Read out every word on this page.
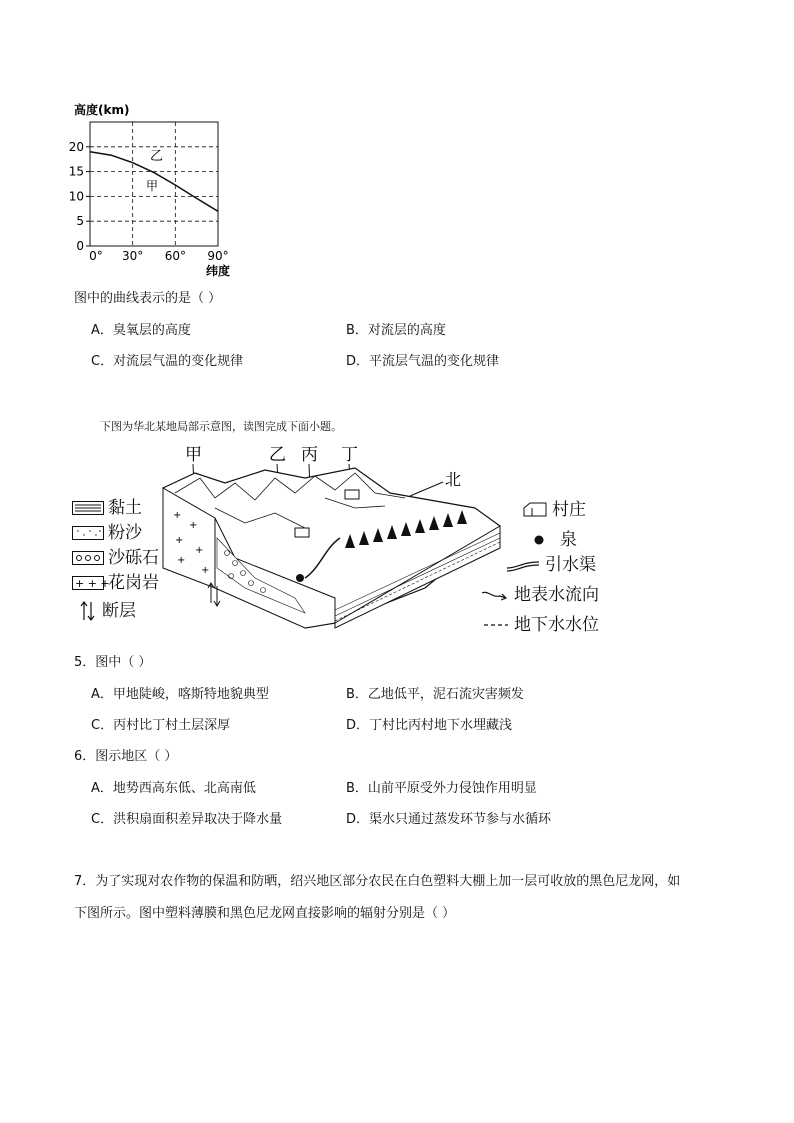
0
5
10
15
20
0° 30° 60° 90°
乙
甲
高度(km)
纬度
图中的曲线表示的是（ ）
A．臭氧层的高度	B．对流层的高度
C．对流层气温的变化规律	D．平流层气温的变化规律
下图为华北某地局部示意图，读图完成下面小题。
甲	乙 丙 丁
北
+
+
+
+
+
+
黏土
粉沙
沙砾石
+ + +
花岗岩
断层
村庄
泉
引水渠
地表水流向
地下水水位
5．图中（ ）
A．甲地陡峻，喀斯特地貌典型	B．乙地低平，泥石流灾害频发
C．丙村比丁村土层深厚	D．丁村比丙村地下水埋藏浅
6．图示地区（ ）
A．地势西高东低、北高南低	B．山前平原受外力侵蚀作用明显
C．洪积扇面积差异取决于降水量	D．渠水只通过蒸发环节参与水循环
7．为了实现对农作物的保温和防晒，绍兴地区部分农民在白色塑料大棚上加一层可收放的黑色尼龙网，如
下图所示。图中塑料薄膜和黑色尼龙网直接影响的辐射分别是（ ）
